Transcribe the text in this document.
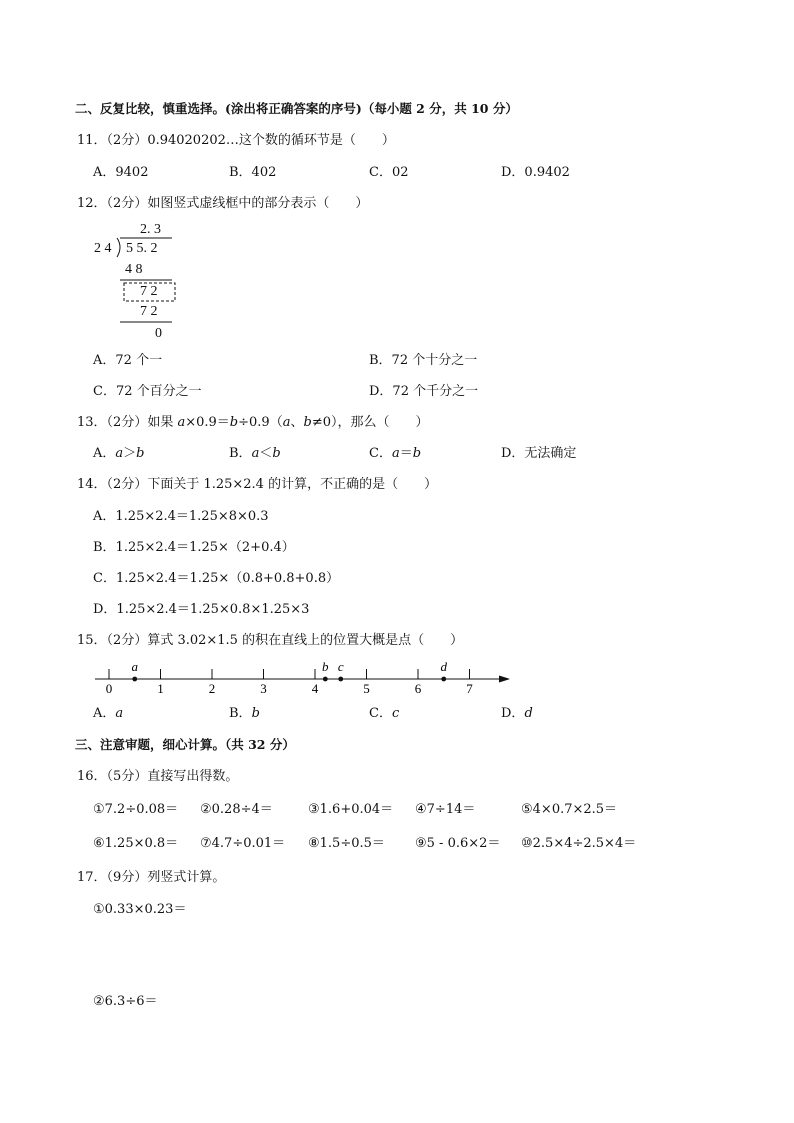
二、反复比较，慎重选择。(涂出将正确答案的序号)（每小题 2 分，共 10 分）
11．（2分）0.94020202…这个数的循环节是（　　）
A．9402	B．402	C．02	D．0.9402
12．（2分）如图竖式虚线框中的部分表示（　　）
2. 3
2 4 5 5. 2
4 8
7 2
7 2
0
A．72 个一	B．72 个十分之一
C．72 个百分之一	D．72 个千分之一
13．（2分）如果 a×0.9＝b÷0.9（a、b≠0），那么（　　）
A．a＞b	B．a＜b	C．a＝b	D．无法确定
14．（2分）下面关于 1.25×2.4 的计算，不正确的是（　　）
A．1.25×2.4＝1.25×8×0.3
B．1.25×2.4＝1.25×（2+0.4）
C．1.25×2.4＝1.25×（0.8+0.8+0.8）
D．1.25×2.4＝1.25×0.8×1.25×3
15．（2分）算式 3.02×1.5 的积在直线上的位置大概是点（　　）
0	1	2	3	4	5	6	7
a	b c	d
A．a	B．b	C．c	D．d
三、注意审题，细心计算。（共 32 分）
16．（5分）直接写出得数。
①7.2÷0.08＝ ②0.28÷4＝	③1.6+0.04＝ ④7÷14＝	⑤4×0.7×2.5＝
⑥1.25×0.8＝ ⑦4.7÷0.01＝ ⑧1.5÷0.5＝ ⑨5 - 0.6×2＝ ⑩2.5×4÷2.5×4＝
17．（9分）列竖式计算。
①0.33×0.23＝
②6.3÷6＝
